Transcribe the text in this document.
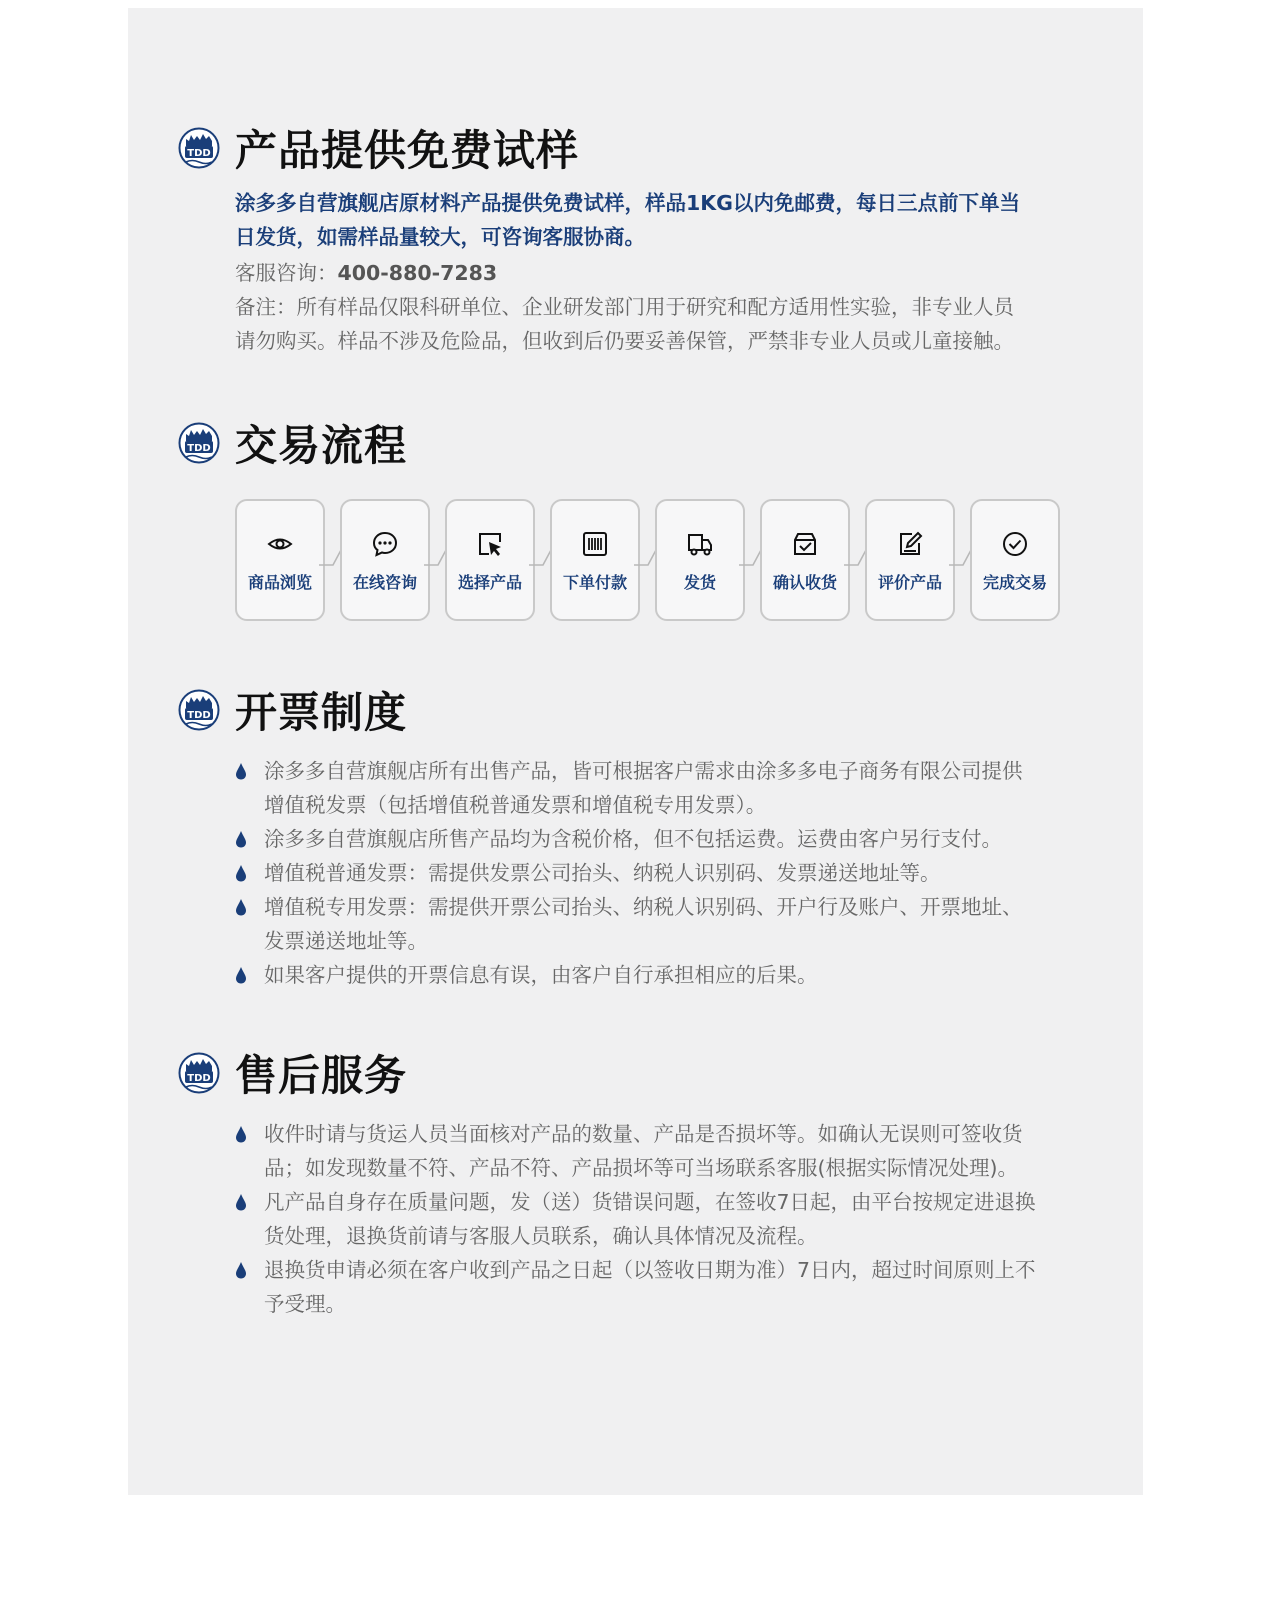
TDD 产品提供免费试样

涂多多自营旗舰店原材料产品提供免费试样，样品1KG以内免邮费，每日三点前下单当

日发货，如需样品量较大，可咨询客服协商。

客服咨询：400-880-7283

备注：所有样品仅限科研单位、企业研发部门用于研究和配方适用性实验，非专业人员

请勿购买。样品不涉及危险品，但收到后仍要妥善保管，严禁非专业人员或儿童接触。

TDD 交易流程
商品浏览	在线咨询	选择产品	下单付款	发货	确认收货	评价产品	完成交易
TDD 开票制度
涂多多自营旗舰店所有出售产品，皆可根据客户需求由涂多多电子商务有限公司提供
增值税发票（包括增值税普通发票和增值税专用发票）。
涂多多自营旗舰店所售产品均为含税价格，但不包括运费。运费由客户另行支付。
增值税普通发票：需提供发票公司抬头、纳税人识别码、发票递送地址等。
增值税专用发票：需提供开票公司抬头、纳税人识别码、开户行及账户、开票地址、
发票递送地址等。
如果客户提供的开票信息有误，由客户自行承担相应的后果。
TDD 售后服务
收件时请与货运人员当面核对产品的数量、产品是否损坏等。如确认无误则可签收货
品；如发现数量不符、产品不符、产品损坏等可当场联系客服(根据实际情况处理)。
凡产品自身存在质量问题，发（送）货错误问题，在签收7日起，由平台按规定进退换
货处理，退换货前请与客服人员联系，确认具体情况及流程。
退换货申请必须在客户收到产品之日起（以签收日期为准）7日内，超过时间原则上不
予受理。
